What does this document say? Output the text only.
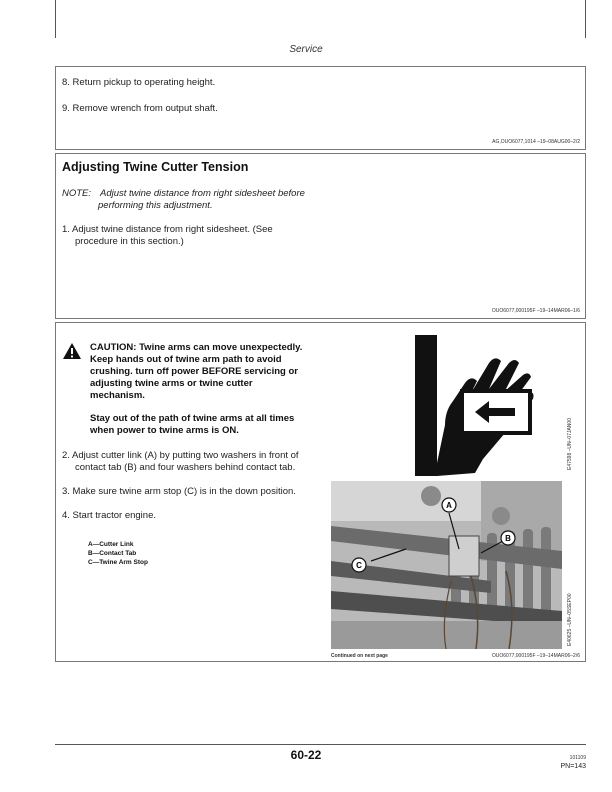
Service
8. Return pickup to operating height.
9. Remove wrench from output shaft.
AG,OUO6077,1014 –19–08AUG00–2/2
Adjusting Twine Cutter Tension
NOTE: Adjust twine distance from right sidesheet before
performing this adjustment.
1. Adjust twine distance from right sidesheet. (See
procedure in this section.)
OUO6077,000195F –19–14MAR06–1/6
CAUTION: Twine arms can move unexpectedly.
Keep hands out of twine arm path to avoid
crushing. turn off power BEFORE servicing or
adjusting twine arms or twine cutter
mechanism.
Stay out of the path of twine arms at all times
when power to twine arms is ON.
2. Adjust cutter link (A) by putting two washers in front of
contact tab (B) and four washers behind contact tab.
3. Make sure twine arm stop (C) is in the down position.
4. Start tractor engine.
A—Cutter Link
B—Contact Tab
C—Twine Arm Stop
E47598 –UN–07JAN00
A
B
C
E40625 –UN–05SEP00
Continued on next page	OUO6077,000195F –19–14MAR06–2/6
60-22	101109
PN=143
